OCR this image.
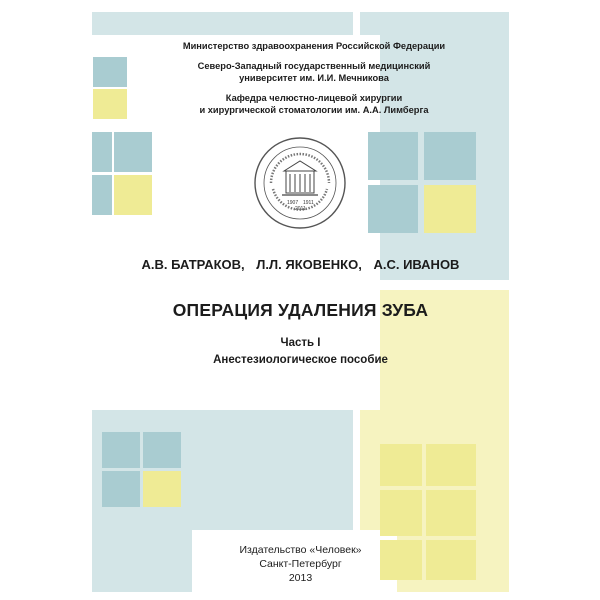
Министерство здравоохранения Российской Федерации
Северо-Западный государственный медицинский
университет им. И.И. Мечникова
Кафедра челюстно-лицевой хирургии
и хирургической стоматологии им. А.А. Лимберга
1907 1911
2011
А.В. БАТРАКОВ, Л.Л. ЯКОВЕНКО, А.С. ИВАНОВ
ОПЕРАЦИЯ УДАЛЕНИЯ ЗУБА
Часть I
Анестезиологическое пособие
Издательство «Человек»
Санкт-Петербург
2013
